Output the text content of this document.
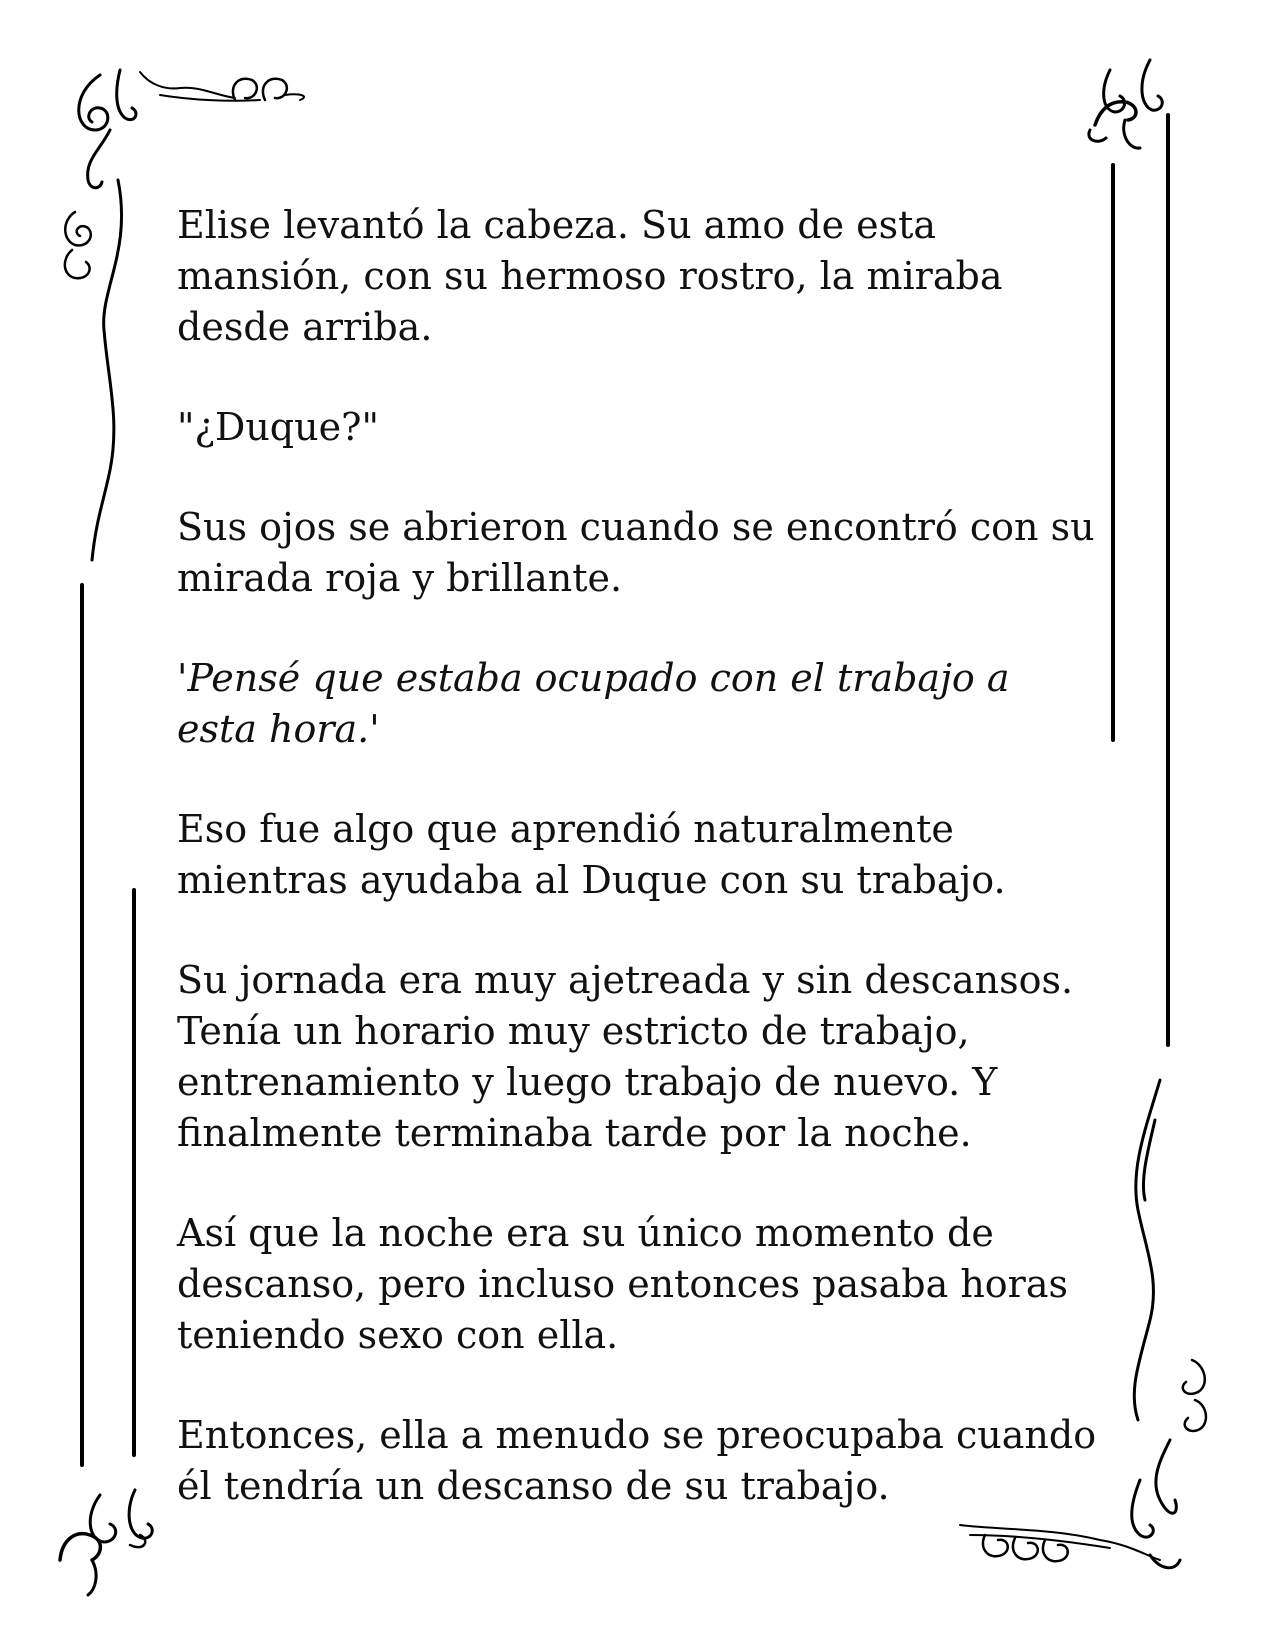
Elise levantó la cabeza. Su amo de esta mansión, con su hermoso rostro, la miraba desde arriba.

"¿Duque?"

Sus ojos se abrieron cuando se encontró con su mirada roja y brillante.

'Pensé que estaba ocupado con el trabajo a esta hora.'

Eso fue algo que aprendió naturalmente mientras ayudaba al Duque con su trabajo.

Su jornada era muy ajetreada y sin descansos. Tenía un horario muy estricto de trabajo, entrenamiento y luego trabajo de nuevo. Y finalmente terminaba tarde por la noche.

Así que la noche era su único momento de descanso, pero incluso entonces pasaba horas teniendo sexo con ella.

Entonces, ella a menudo se preocupaba cuando él tendría un descanso de su trabajo.
